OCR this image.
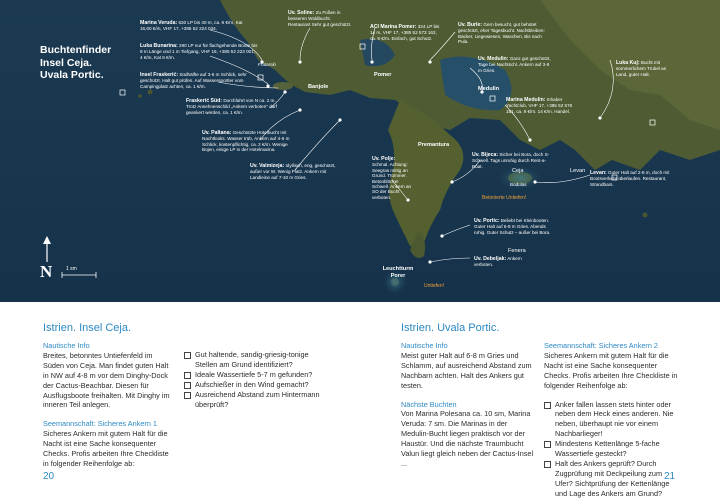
Buchtenfinder
Insel Ceja.
Uvala Portic.
Marina Veruda: 630 LP bis 40 m, ca. 9 €/m, Kat 16,60 €/m, VHF 17, +385 52 224 034.
Luka Bunarina: 290 LP nur für flachgehende Boote bis 9 m Länge und 1 m Tiefgang, VHF 16, +385 52 223 001, 4 €/m, Kat 8 €/m.
Insel Fraskerić: Südhälfte auf 3-6 m Schlick, sehr geschützt. Halt gut prüfen. Auf Wassersportler vom Campingplatz achten, ca. 1 €/m.
Fraskerić Süd: Durchfahrt von N ca. 2 m. Trotz Ansehnenschild „Ankern verboten“ darf geankert werden, ca. 1 €/m.
Uv. Paltana: Geschützte Hotelbucht mit Nachtlooks. Wasser trüb, Ankern auf 4-6 m Schlick, kostenpflichtig, ca. 2 €/m. Wenige Bojen, einige LP in der Hotelmarina.
Uv. Valmizeja: Idyllisch, eng, geschützt, außer vor W. Wenig Platz. Ankern mit Landleine auf 7-10 m Gries.
Uv. Soline: Zu Füßen in besseren Waldbucht. Restaurant Sehr gut geschützt.	ACI Marina Pomer: 324 LP bis 14 m, VHF 17, +385 52 573 162, ca. 9 €/m. Einfach, gut Schutz.
Uv. Burle: Gern besucht, gut behütet geschützt, eher Tagesbucht. Nachtbleiben: Bäcker, Liegewiesen, Waschen, Bis nach Pula.
Uv. Medulin: Ganz gut geschützt, Tage bei Nachtschl. Ankern auf 3-8 m Gries.
Marina Medulin: Inhaber Yachtclub, VHF 17, +385 52 576 151, ca. 9 €/m. 14 €/m. Handel.
Luka Kuj: Bucht mit sommerlichem Trubel an Land, guter Halt.
Uv. Polje: Schmal. Achtung: Seegras mittig an Grund. Trümmer. Betonblöcke! Schwell. Ankern an SO der Bucht verboten.
Uv. Bijeca: Sicher bei Bora, doch S-Schwell. Tags unruhig durch Rent-a-Boat.
Levan: Guter Halt auf 2-6 m, doch mit Bootsverkehr überlaufen. Restaurant, Strandbars.
Uv. Portic: Beliebt bei Kleinbooten. Guter Halt auf 6-8 m Gries. Abends ruhig. Guter Schutz – außer bei Bora.
Uv. Debeljak: Ankern verboten.
Banjole
Pomer
Medulin
Premantura
Fenera
Levan
Ceja
Bodulas
Leuchtturm Porer
Fratarski
Betonierte Untiefen!
Untiefen!
N	1 sm
Istrien. Insel Ceja.

Nautische Info

Breites, betonntes Untiefenfeld im Süden von Ceja. Man findet guten Halt in NW auf 4-8 m vor dem Dinghy-Dock der Cactus-Beachbar. Diesen für Ausflugsboote freihalten. Mit Dinghy im inneren Teil anlegen.

Seemannschaft: Sicheres Ankern 1

Sicheres Ankern mit gutem Halt für die Nacht ist eine Sache konsequenter Checks. Profis arbeiten Ihre Checkliste in folgender Reihenfolge ab:

Gut haltende, sandig-griesig-tonige Stellen am Grund identifiziert?
Ideale Wassertiefe 5-7 m gefunden?
Aufschießer in den Wind gemacht?
Ausreichend Abstand zum Hintermann überprüft?
20
Istrien. Uvala Portic.

Nautische Info

Meist guter Halt auf 6-8 m Gries und Schlamm, auf ausreichend Abstand zum Nachbarn achten. Halt des Ankers gut testen.

Nächste Buchten

Von Marina Polesana ca. 10 sm, Marina Veruda: 7 sm. Die Marinas in der Medulin-Bucht liegen praktisch vor der Haustür. Und die nächste Traumbucht Valun liegt gleich neben der Cactus-Insel ...

Seemannschaft: Sicheres Ankern 2

Sicheres Ankern mit gutem Halt für die Nacht ist eine Sache konsequenter Checks. Profis arbeiten Ihre Checkliste in folgender Reihenfolge ab:

Anker fallen lassen stets hinter oder neben dem Heck eines anderen. Nie neben, überhaupt nie vor einem Nachbarlieger!
Mindestens Kettenlänge 5-fache Wassertiefe gesteckt?
Halt des Ankers geprüft? Durch Zugprüfung mit Deckpeilung zum Ufer? Sichtprüfung der Kettenlänge und Lage des Ankers am Grund?
21
